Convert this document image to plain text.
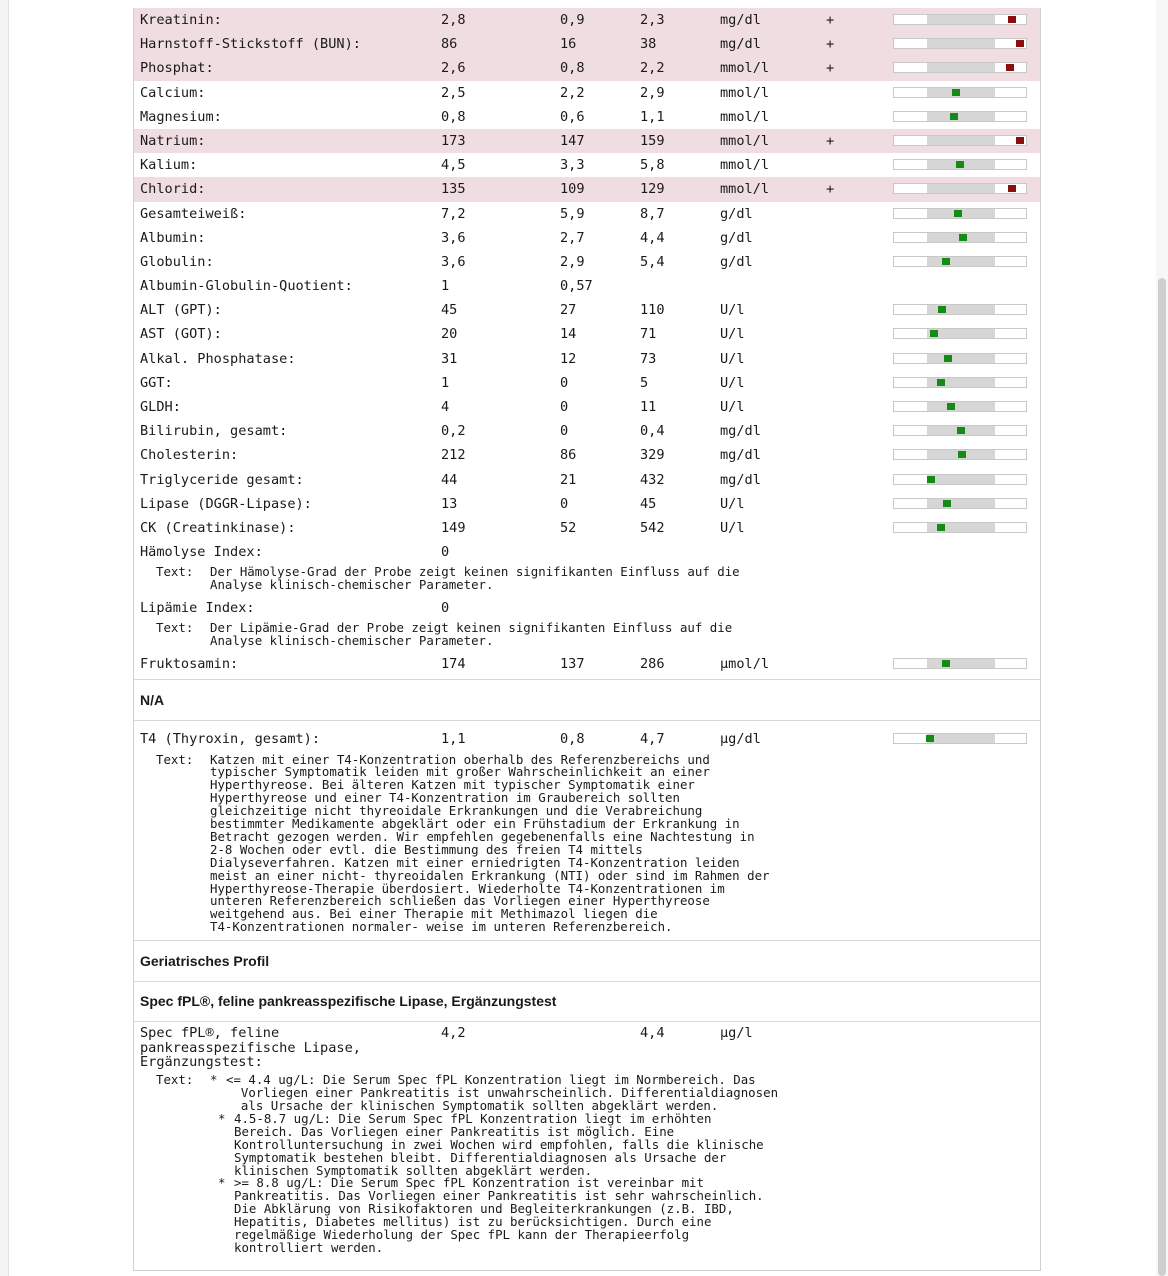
Kreatinin:	2,8	0,9	2,3	mg/dl	+
Harnstoff-Stickstoff (BUN):	86	16	38	mg/dl	+
Phosphat:	2,6	0,8	2,2	mmol/l	+
Calcium:	2,5	2,2	2,9	mmol/l
Magnesium:	0,8	0,6	1,1	mmol/l
Natrium:	173	147	159	mmol/l	+
Kalium:	4,5	3,3	5,8	mmol/l
Chlorid:	135	109	129	mmol/l	+
Gesamteiweiß:	7,2	5,9	8,7	g/dl
Albumin:	3,6	2,7	4,4	g/dl
Globulin:	3,6	2,9	5,4	g/dl
Albumin-Globulin-Quotient:	1	0,57
ALT (GPT):	45	27	110	U/l
AST (GOT):	20	14	71	U/l
Alkal. Phosphatase:	31	12	73	U/l
GGT:	1	0	5	U/l
GLDH:	4	0	11	U/l
Bilirubin, gesamt:	0,2	0	0,4	mg/dl
Cholesterin:	212	86	329	mg/dl
Triglyceride gesamt:	44	21	432	mg/dl
Lipase (DGGR-Lipase):	13	0	45	U/l
CK (Creatinkinase):	149	52	542	U/l
Hämolyse Index:	0
Text: Der Hämolyse-Grad der Probe zeigt keinen signifikanten Einfluss auf die
Analyse klinisch-chemischer Parameter.
Lipämie Index:	0
Text: Der Lipämie-Grad der Probe zeigt keinen signifikanten Einfluss auf die
Analyse klinisch-chemischer Parameter.
Fruktosamin:	174	137	286	µmol/l
N/A
T4 (Thyroxin, gesamt):	1,1	0,8	4,7	µg/dl
Text: Katzen mit einer T4-Konzentration oberhalb des Referenzbereichs und
typischer Symptomatik leiden mit großer Wahrscheinlichkeit an einer
Hyperthyreose. Bei älteren Katzen mit typischer Symptomatik einer
Hyperthyreose und einer T4-Konzentration im Graubereich sollten
gleichzeitige nicht thyreoidale Erkrankungen und die Verabreichung
bestimmter Medikamente abgeklärt oder ein Frühstadium der Erkrankung in
Betracht gezogen werden. Wir empfehlen gegebenenfalls eine Nachtestung in
2-8 Wochen oder evtl. die Bestimmung des freien T4 mittels
Dialyseverfahren. Katzen mit einer erniedrigten T4-Konzentration leiden
meist an einer nicht- thyreoidalen Erkrankung (NTI) oder sind im Rahmen der
Hyperthyreose-Therapie überdosiert. Wiederholte T4-Konzentrationen im
unteren Referenzbereich schließen das Vorliegen einer Hyperthyreose
weitgehend aus. Bei einer Therapie mit Methimazol liegen die
T4-Konzentrationen normaler- weise im unteren Referenzbereich.
Geriatrisches Profil
Spec fPL®, feline pankreasspezifische Lipase, Ergänzungstest
Spec fPL®, feline
pankreasspezifische Lipase,
Ergänzungstest:
4,2	4,4	µg/l
Text: * <= 4.4 ug/L: Die Serum Spec fPL Konzentration liegt im Normbereich. Das
Vorliegen einer Pankreatitis ist unwahrscheinlich. Differentialdiagnosen
als Ursache der klinischen Symptomatik sollten abgeklärt werden.
* 4.5-8.7 ug/L: Die Serum Spec fPL Konzentration liegt im erhöhten
Bereich. Das Vorliegen einer Pankreatitis ist möglich. Eine
Kontrolluntersuchung in zwei Wochen wird empfohlen, falls die klinische
Symptomatik bestehen bleibt. Differentialdiagnosen als Ursache der
klinischen Symptomatik sollten abgeklärt werden.
* >= 8.8 ug/L: Die Serum Spec fPL Konzentration ist vereinbar mit
Pankreatitis. Das Vorliegen einer Pankreatitis ist sehr wahrscheinlich.
Die Abklärung von Risikofaktoren und Begleiterkrankungen (z.B. IBD,
Hepatitis, Diabetes mellitus) ist zu berücksichtigen. Durch eine
regelmäßige Wiederholung der Spec fPL kann der Therapieerfolg
kontrolliert werden.
